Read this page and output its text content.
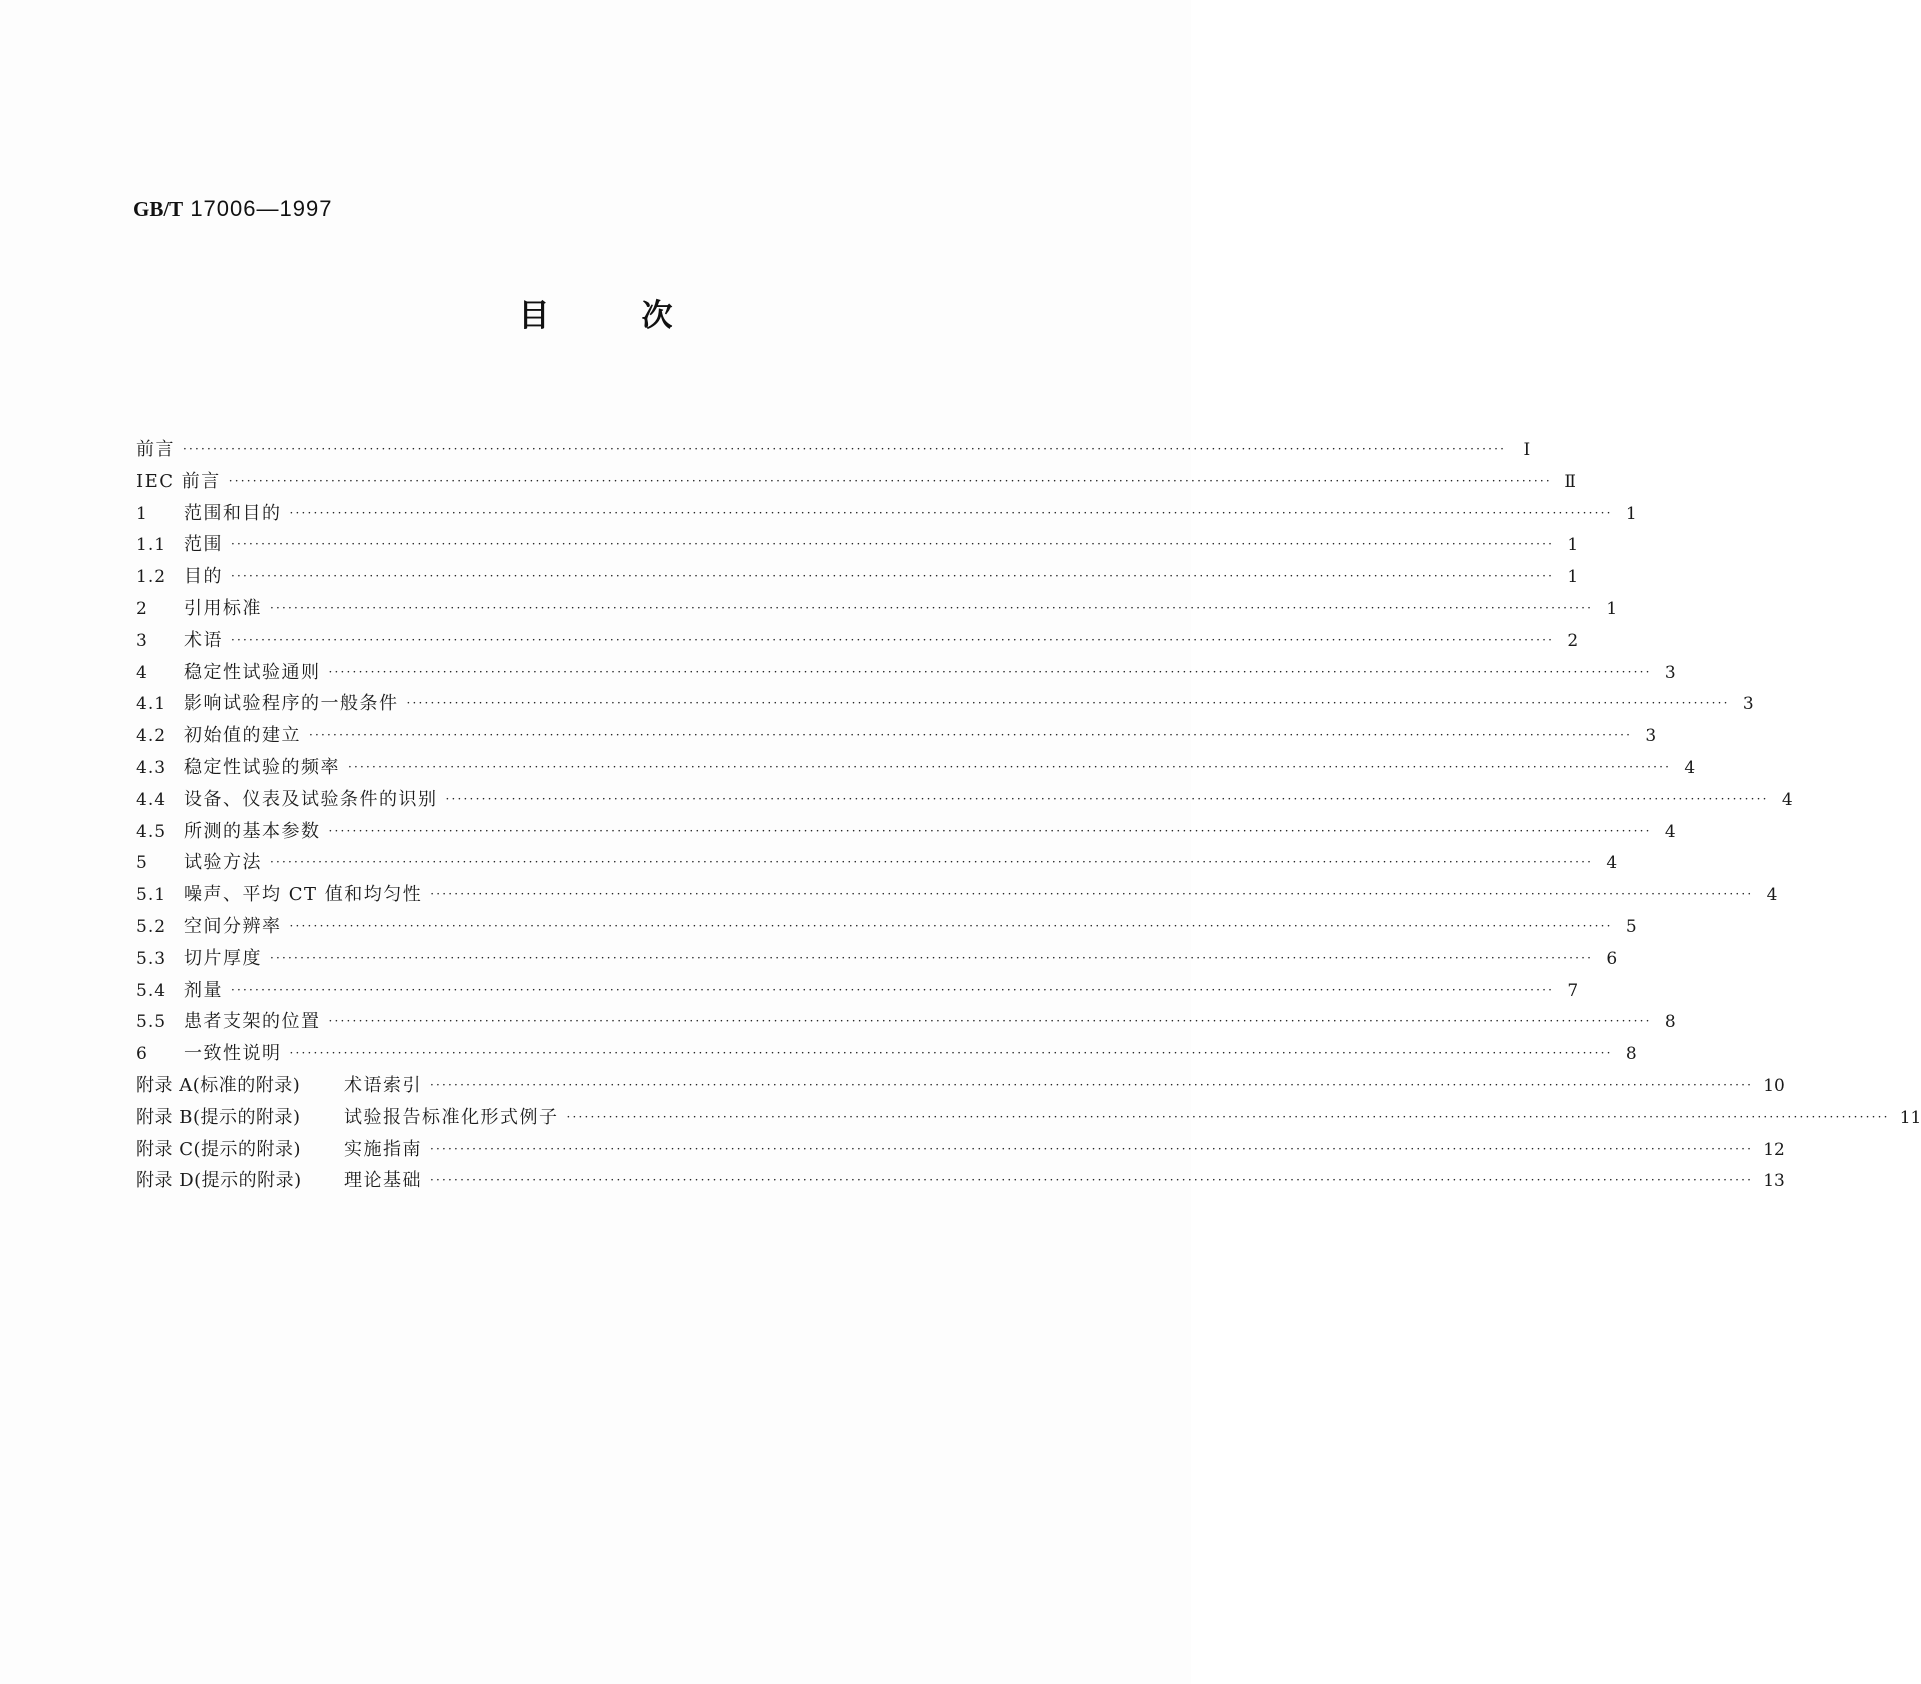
GB/T 17006—1997
目	次
前言 ····························································································································································································································	Ⅰ
IEC 前言 ···························································································································································································································· Ⅱ
1	范围和目的 ···························································································································································································································· 1
1.1 范围 ···························································································································································································································· 1
1.2 目的 ···························································································································································································································· 1
2	引用标准 ···························································································································································································································· 1
3	术语 ···························································································································································································································· 2
4	稳定性试验通则 ···························································································································································································································· 3
4.1 影响试验程序的一般条件 ···························································································································································································································· 3
4.2 初始值的建立 ···························································································································································································································· 3
4.3 稳定性试验的频率 ···························································································································································································································· 4
4.4 设备、仪表及试验条件的识别 ···························································································································································································································· 4
4.5 所测的基本参数 ···························································································································································································································· 4
5	试验方法 ···························································································································································································································· 4
5.1 噪声、平均 CT 值和均匀性 ···························································································································································································································· 4
5.2 空间分辨率 ···························································································································································································································· 5
5.3 切片厚度 ···························································································································································································································· 6
5.4 剂量 ···························································································································································································································· 7
5.5 患者支架的位置 ···························································································································································································································· 8
6	一致性说明 ···························································································································································································································· 8
附录 A(标准的附录)	术语索引 ···························································································································································································································· 10
附录 B(提示的附录)	试验报告标准化形式例子 ···························································································································································································································· 11
附录 C(提示的附录)	实施指南 ···························································································································································································································· 12
附录 D(提示的附录)	理论基础 ···························································································································································································································· 13
